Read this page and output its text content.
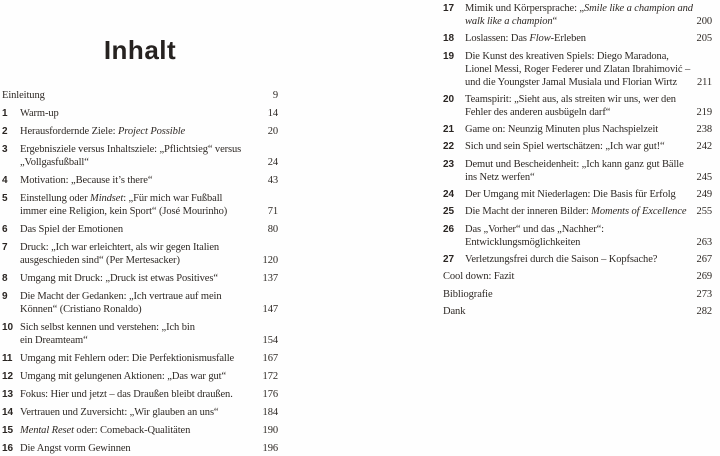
Inhalt
Einleitung	9
1	Warm-up	14
2	Herausfordernde Ziele: Project Possible	20
3	Ergebnisziele versus Inhaltsziele: „Pflichtsieg“ versus
„Vollgasfußball“	24
4	Motivation: „Because it’s there“	43
5	Einstellung oder Mindset: „Für mich war Fußball
immer eine Religion, kein Sport“ (José Mourinho)	71
6	Das Spiel der Emotionen	80
7	Druck: „Ich war erleichtert, als wir gegen Italien
ausgeschieden sind“ (Per Mertesacker)	120
8	Umgang mit Druck: „Druck ist etwas Positives“	137
9	Die Macht der Gedanken: „Ich vertraue auf mein
Können“ (Cristiano Ronaldo)	147
10 Sich selbst kennen und verstehen: „Ich bin
ein Dreamteam“	154
11 Umgang mit Fehlern oder: Die Perfektionismusfalle	167
12 Umgang mit gelungenen Aktionen: „Das war gut“	172
13 Fokus: Hier und jetzt – das Draußen bleibt draußen.	176
14 Vertrauen und Zuversicht: „Wir glauben an uns“	184
15 Mental Reset oder: Comeback-Qualitäten	190
16 Die Angst vorm Gewinnen	196
17	Mimik und Körpersprache: „Smile like a champion and
walk like a champion“	200
18	Loslassen: Das Flow-Erleben	205
19	Die Kunst des kreativen Spiels: Diego Maradona,
Lionel Messi, Roger Federer und Zlatan Ibrahimović –
und die Youngster Jamal Musiala und Florian Wirtz	211
20	Teamspirit: „Sieht aus, als streiten wir uns, wer den
Fehler des anderen ausbügeln darf“	219
21	Game on: Neunzig Minuten plus Nachspielzeit	238
22	Sich und sein Spiel wertschätzen: „Ich war gut!“	242
23	Demut und Bescheidenheit: „Ich kann ganz gut Bälle
ins Netz werfen“	245
24	Der Umgang mit Niederlagen: Die Basis für Erfolg	249
25	Die Macht der inneren Bilder: Moments of Excellence 255
26	Das „Vorher“ und das „Nachher“:
Entwicklungsmöglichkeiten	263
27	Verletzungsfrei durch die Saison – Kopfsache?	267
Cool down: Fazit	269
Bibliografie	273
Dank	282
